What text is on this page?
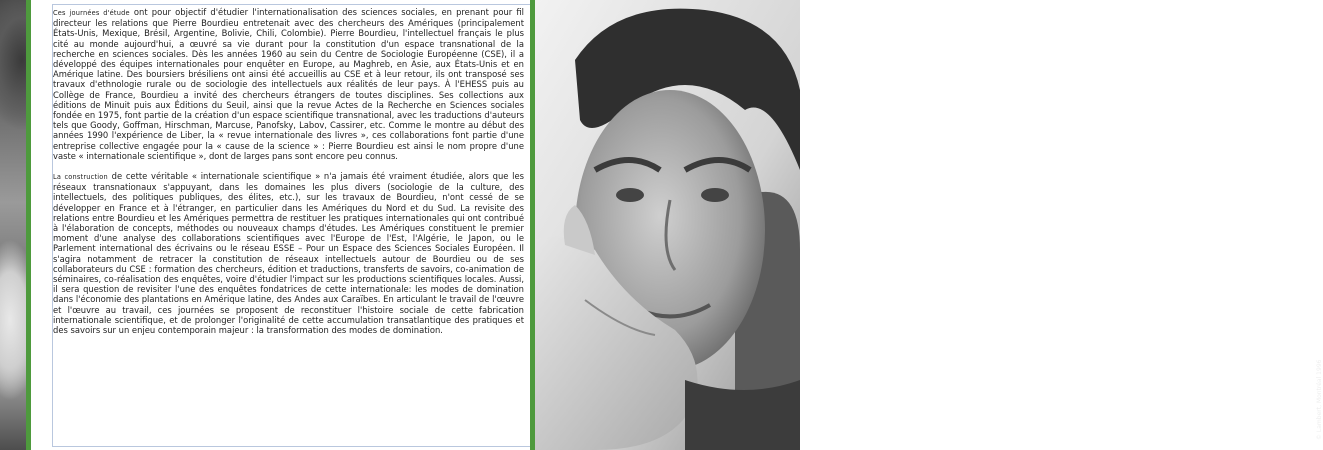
Ces journées d'étude ont pour objectif d'étudier l'internationalisation des sciences sociales, en prenant pour fil directeur les relations que Pierre Bourdieu entretenait avec des chercheurs des Amériques (principalement États-Unis, Mexique, Brésil, Argentine, Bolivie, Chili, Colombie). Pierre Bourdieu, l'intellectuel français le plus cité au monde aujourd'hui, a œuvré sa vie durant pour la constitution d'un espace transnational de la recherche en sciences sociales. Dès les années 1960 au sein du Centre de Sociologie Européenne (CSE), il a développé des équipes internationales pour enquêter en Europe, au Maghreb, en Asie, aux États-Unis et en Amérique latine. Des boursiers brésiliens ont ainsi été accueillis au CSE et à leur retour, ils ont transposé ses travaux d'ethnologie rurale ou de sociologie des intellectuels aux réalités de leur pays. À l'EHESS puis au Collège de France, Bourdieu a invité des chercheurs étrangers de toutes disciplines. Ses collections aux éditions de Minuit puis aux Éditions du Seuil, ainsi que la revue Actes de la Recherche en Sciences sociales fondée en 1975, font partie de la création d'un espace scientifique transnational, avec les traductions d'auteurs tels que Goody, Goffman, Hirschman, Marcuse, Panofsky, Labov, Cassirer, etc. Comme le montre au début des années 1990 l'expérience de Liber, la « revue internationale des livres », ces collaborations font partie d'une entreprise collective engagée pour la « cause de la science » : Pierre Bourdieu est ainsi le nom propre d'une vaste « internationale scientifique », dont de larges pans sont encore peu connus.

La construction de cette véritable « internationale scientifique » n'a jamais été vraiment étudiée, alors que les réseaux transnationaux s'appuyant, dans les domaines les plus divers (sociologie de la culture, des intellectuels, des politiques publiques, des élites, etc.), sur les travaux de Bourdieu, n'ont cessé de se développer en France et à l'étranger, en particulier dans les Amériques du Nord et du Sud. La revisite des relations entre Bourdieu et les Amériques permettra de restituer les pratiques internationales qui ont contribué à l'élaboration de concepts, méthodes ou nouveaux champs d'études. Les Amériques constituent le premier moment d'une analyse des collaborations scientifiques avec l'Europe de l'Est, l'Algérie, le Japon, ou le Parlement international des écrivains ou le réseau ESSE – Pour un Espace des Sciences Sociales Européen. Il s'agira notamment de retracer la constitution de réseaux intellectuels autour de Bourdieu ou de ses collaborateurs du CSE : formation des chercheurs, édition et traductions, transferts de savoirs, co-animation de séminaires, co-réalisation des enquêtes, voire d'étudier l'impact sur les productions scientifiques locales. Aussi, il sera question de revisiter l'une des enquêtes fondatrices de cette internationale: les modes de domination dans l'économie des plantations en Amérique latine, des Andes aux Caraïbes. En articulant le travail de l'œuvre et l'œuvre au travail, ces journées se proposent de reconstituer l'histoire sociale de cette fabrication internationale scientifique, et de prolonger l'originalité de cette accumulation transatlantique des pratiques et des savoirs sur un enjeu contemporain majeur : la transformation des modes de domination.

© Lambert, Montréal 1996
